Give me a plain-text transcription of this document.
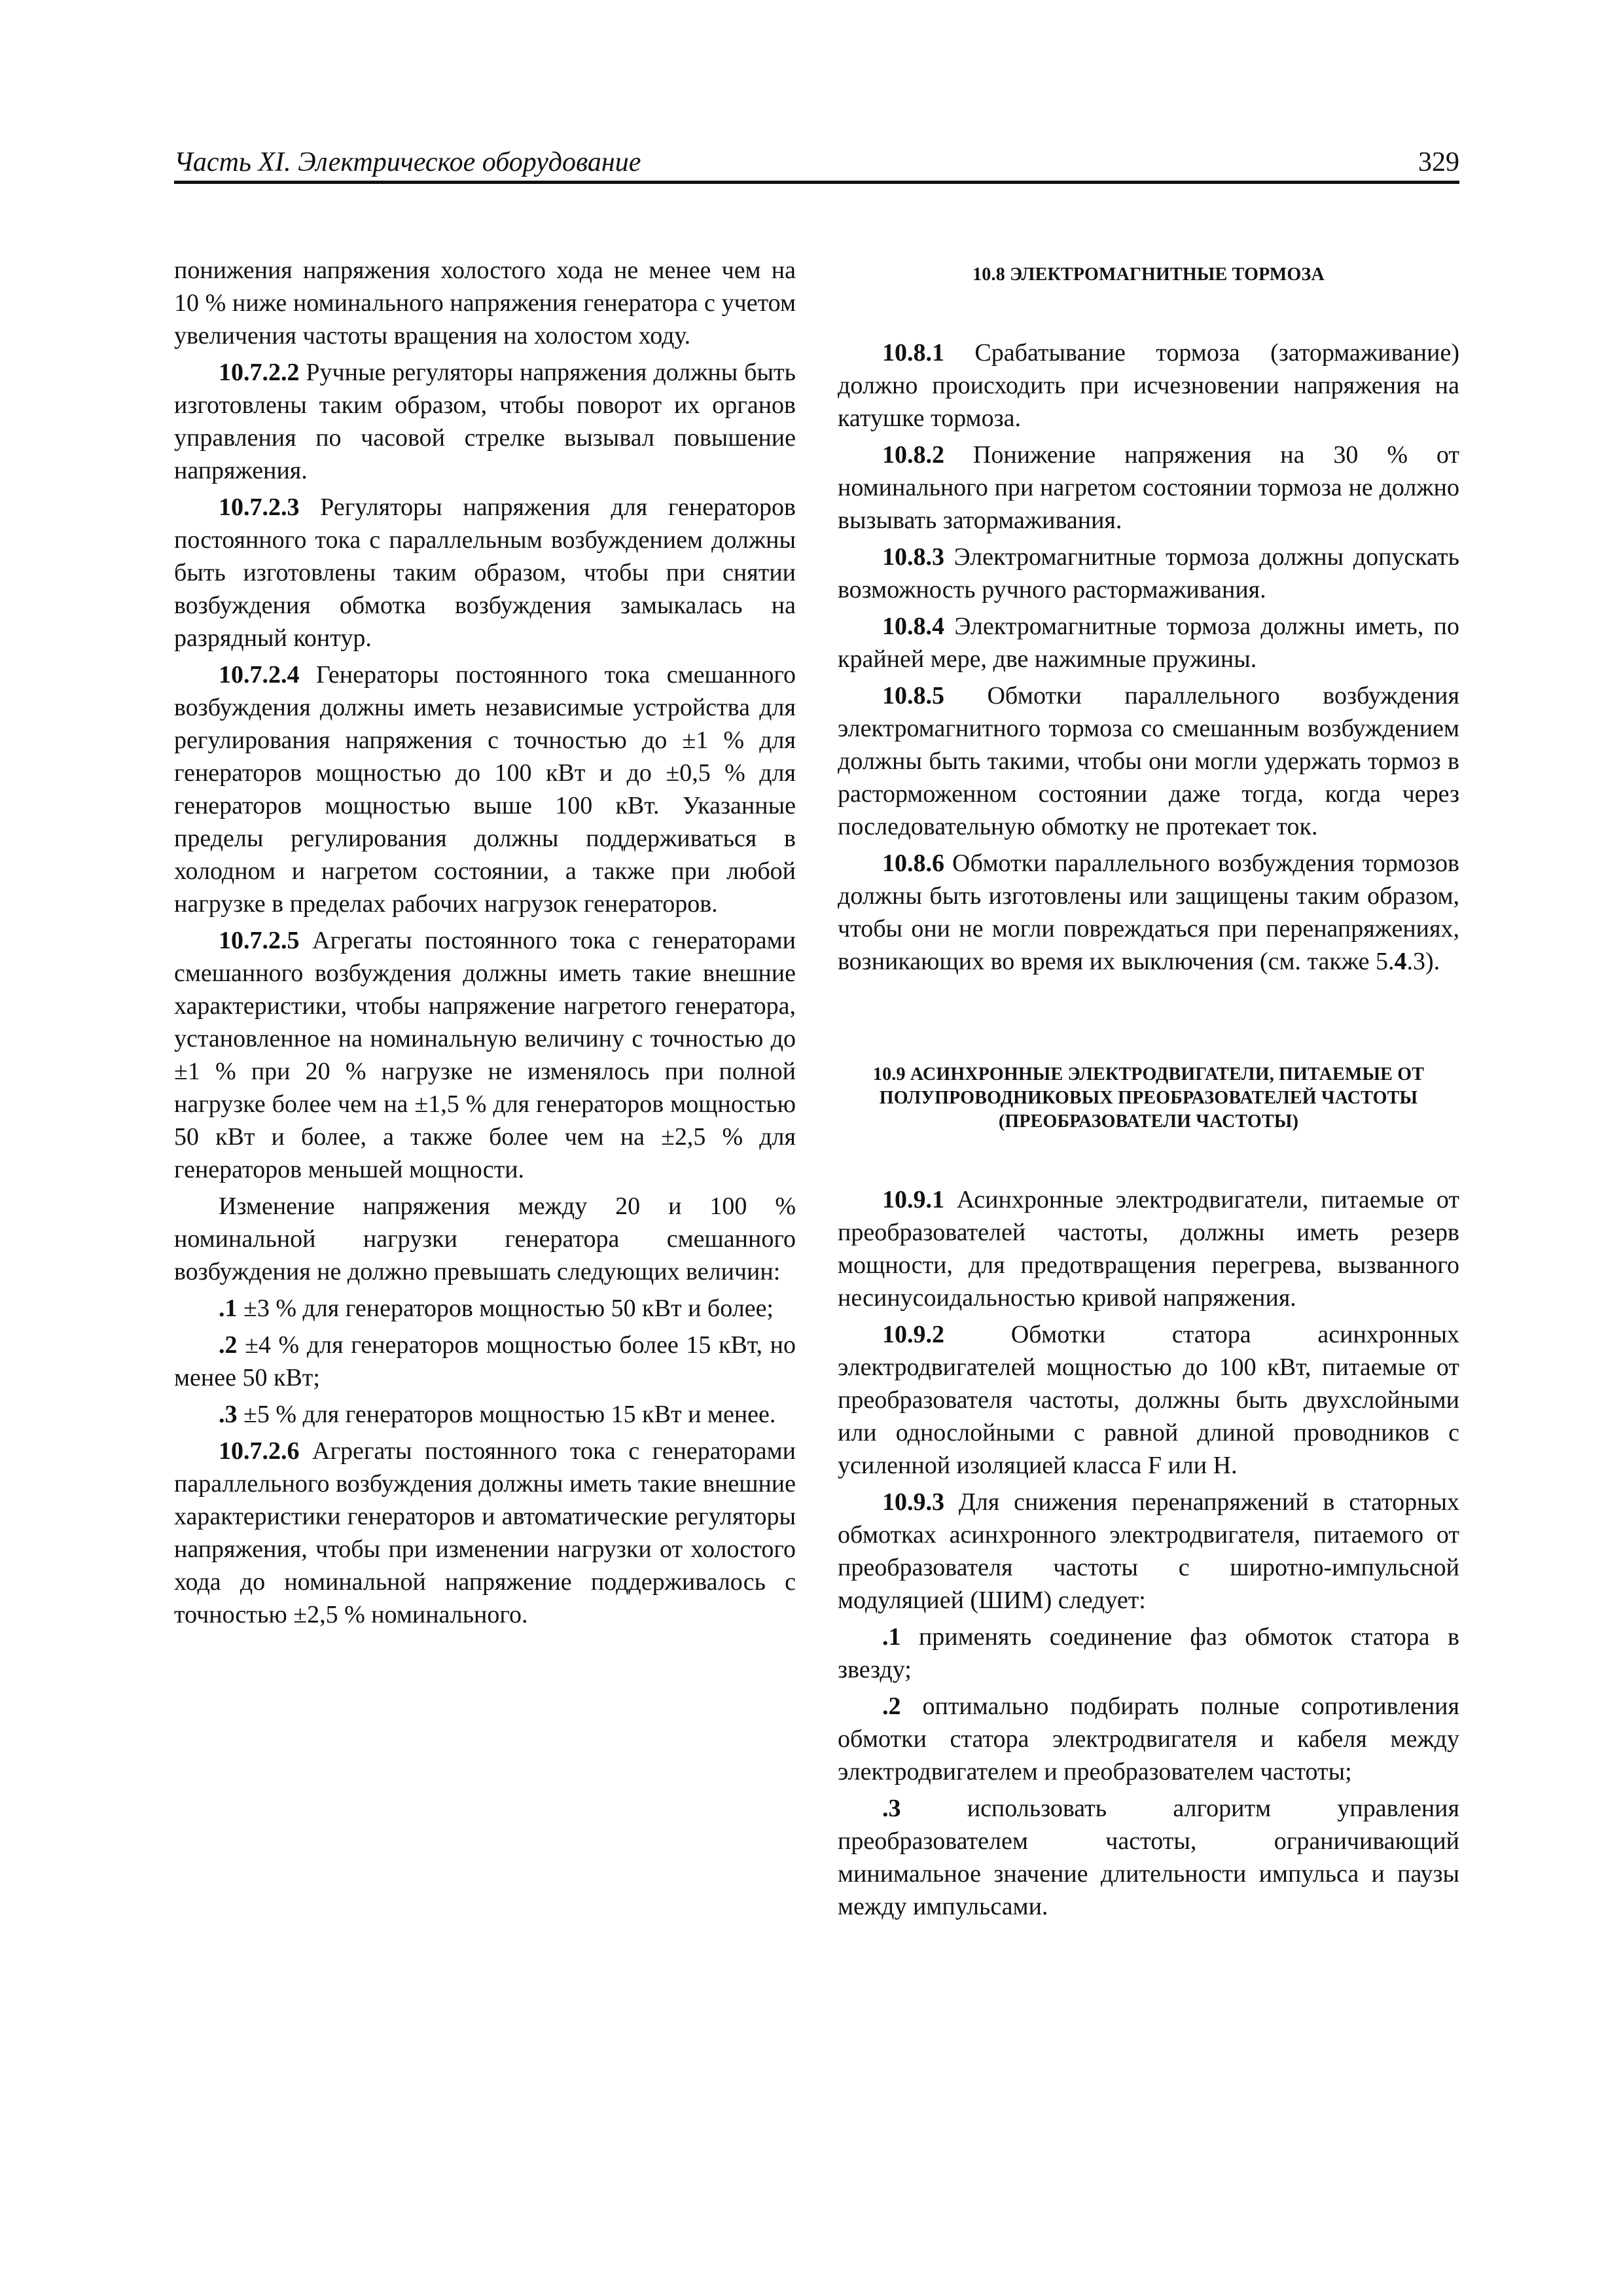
Часть XI. Электрическое оборудование	329

понижения напряжения холостого хода не менее чем на 10 % ниже номинального напряжения генератора с учетом увеличения частоты вращения на холостом ходу.

10.7.2.2 Ручные регуляторы напряжения должны быть изготовлены таким образом, чтобы поворот их органов управления по часовой стрелке вызывал повышение напряжения.

10.7.2.3 Регуляторы напряжения для генераторов постоянного тока с параллельным возбуждением должны быть изготовлены таким образом, чтобы при снятии возбуждения обмотка возбуждения замыкалась на разрядный контур.

10.7.2.4 Генераторы постоянного тока смешанного возбуждения должны иметь независимые устройства для регулирования напряжения с точностью до ±1 % для генераторов мощностью до 100 кВт и до ±0,5 % для генераторов мощностью выше 100 кВт. Указанные пределы регулирования должны поддерживаться в холодном и нагретом состоянии, а также при любой нагрузке в пределах рабочих нагрузок генераторов.

10.7.2.5 Агрегаты постоянного тока с генераторами смешанного возбуждения должны иметь такие внешние характеристики, чтобы напряжение нагретого генератора, установленное на номинальную величину с точностью до ±1 % при 20 % нагрузке не изменялось при полной нагрузке более чем на ±1,5 % для генераторов мощностью 50 кВт и более, а также более чем на ±2,5 % для генераторов меньшей мощности.

Изменение напряжения между 20 и 100 % номинальной нагрузки генератора смешанного возбуждения не должно превышать следующих величин:

.1 ±3 % для генераторов мощностью 50 кВт и более;

.2 ±4 % для генераторов мощностью более 15 кВт, но менее 50 кВт;

.3 ±5 % для генераторов мощностью 15 кВт и менее.

10.7.2.6 Агрегаты постоянного тока с генераторами параллельного возбуждения должны иметь такие внешние характеристики генераторов и автоматические регуляторы напряжения, чтобы при изменении нагрузки от холостого хода до номинальной напряжение поддерживалось с точностью ±2,5 % номинального.

10.8 ЭЛЕКТРОМАГНИТНЫЕ ТОРМОЗА

10.8.1 Срабатывание тормоза (затормаживание) должно происходить при исчезновении напряжения на катушке тормоза.

10.8.2 Понижение напряжения на 30 % от номинального при нагретом состоянии тормоза не должно вызывать затормаживания.

10.8.3 Электромагнитные тормоза должны допускать возможность ручного растормаживания.

10.8.4 Электромагнитные тормоза должны иметь, по крайней мере, две нажимные пружины.

10.8.5 Обмотки параллельного возбуждения электромагнитного тормоза со смешанным возбуждением должны быть такими, чтобы они могли удержать тормоз в расторможенном состоянии даже тогда, когда через последовательную обмотку не протекает ток.

10.8.6 Обмотки параллельного возбуждения тормозов должны быть изготовлены или защищены таким образом, чтобы они не могли повреждаться при перенапряжениях, возникающих во время их выключения (см. также 5.4.3).

10.9 АСИНХРОННЫЕ ЭЛЕКТРОДВИГАТЕЛИ, ПИТАЕМЫЕ ОТ ПОЛУПРОВОДНИКОВЫХ ПРЕОБРАЗОВАТЕЛЕЙ ЧАСТОТЫ (ПРЕОБРАЗОВАТЕЛИ ЧАСТОТЫ)

10.9.1 Асинхронные электродвигатели, питаемые от преобразователей частоты, должны иметь резерв мощности, для предотвращения перегрева, вызванного несинусоидальностью кривой напряжения.

10.9.2 Обмотки статора асинхронных электродвигателей мощностью до 100 кВт, питаемые от преобразователя частоты, должны быть двухслойными или однослойными с равной длиной проводников с усиленной изоляцией класса F или H.

10.9.3 Для снижения перенапряжений в статорных обмотках асинхронного электродвигателя, питаемого от преобразователя частоты с широтно-импульсной модуляцией (ШИМ) следует:

.1 применять соединение фаз обмоток статора в звезду;

.2 оптимально подбирать полные сопротивления обмотки статора электродвигателя и кабеля между электродвигателем и преобразователем частоты;

.3 использовать алгоритм управления преобразователем частоты, ограничивающий минимальное значение длительности импульса и паузы между импульсами.
